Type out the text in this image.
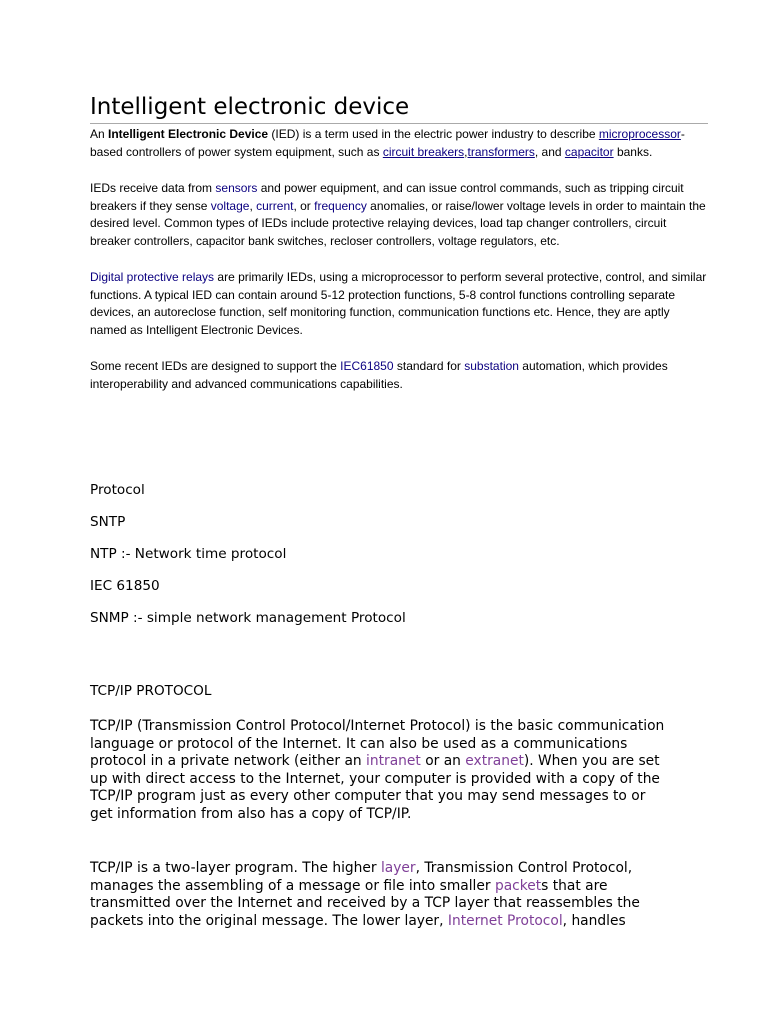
Intelligent electronic device

An Intelligent Electronic Device (IED) is a term used in the electric power industry to describe microprocessor-based controllers of power system equipment, such as circuit breakers,transformers, and capacitor banks.

IEDs receive data from sensors and power equipment, and can issue control commands, such as tripping circuit breakers if they sense voltage, current, or frequency anomalies, or raise/lower voltage levels in order to maintain the desired level. Common types of IEDs include protective relaying devices, load tap changer controllers, circuit breaker controllers, capacitor bank switches, recloser controllers, voltage regulators, etc.

Digital protective relays are primarily IEDs, using a microprocessor to perform several protective, control, and similar functions. A typical IED can contain around 5-12 protection functions, 5-8 control functions controlling separate devices, an autoreclose function, self monitoring function, communication functions etc. Hence, they are aptly named as Intelligent Electronic Devices.

Some recent IEDs are designed to support the IEC61850 standard for substation automation, which provides interoperability and advanced communications capabilities.

Protocol

SNTP

NTP :- Network time protocol

IEC 61850

SNMP :- simple network management Protocol

TCP/IP PROTOCOL

TCP/IP (Transmission Control Protocol/Internet Protocol) is the basic communication language or protocol of the Internet. It can also be used as a communications protocol in a private network (either an intranet or an extranet). When you are set up with direct access to the Internet, your computer is provided with a copy of the TCP/IP program just as every other computer that you may send messages to or get information from also has a copy of TCP/IP.

TCP/IP is a two-layer program. The higher layer, Transmission Control Protocol, manages the assembling of a message or file into smaller packets that are transmitted over the Internet and received by a TCP layer that reassembles the packets into the original message. The lower layer, Internet Protocol, handles
